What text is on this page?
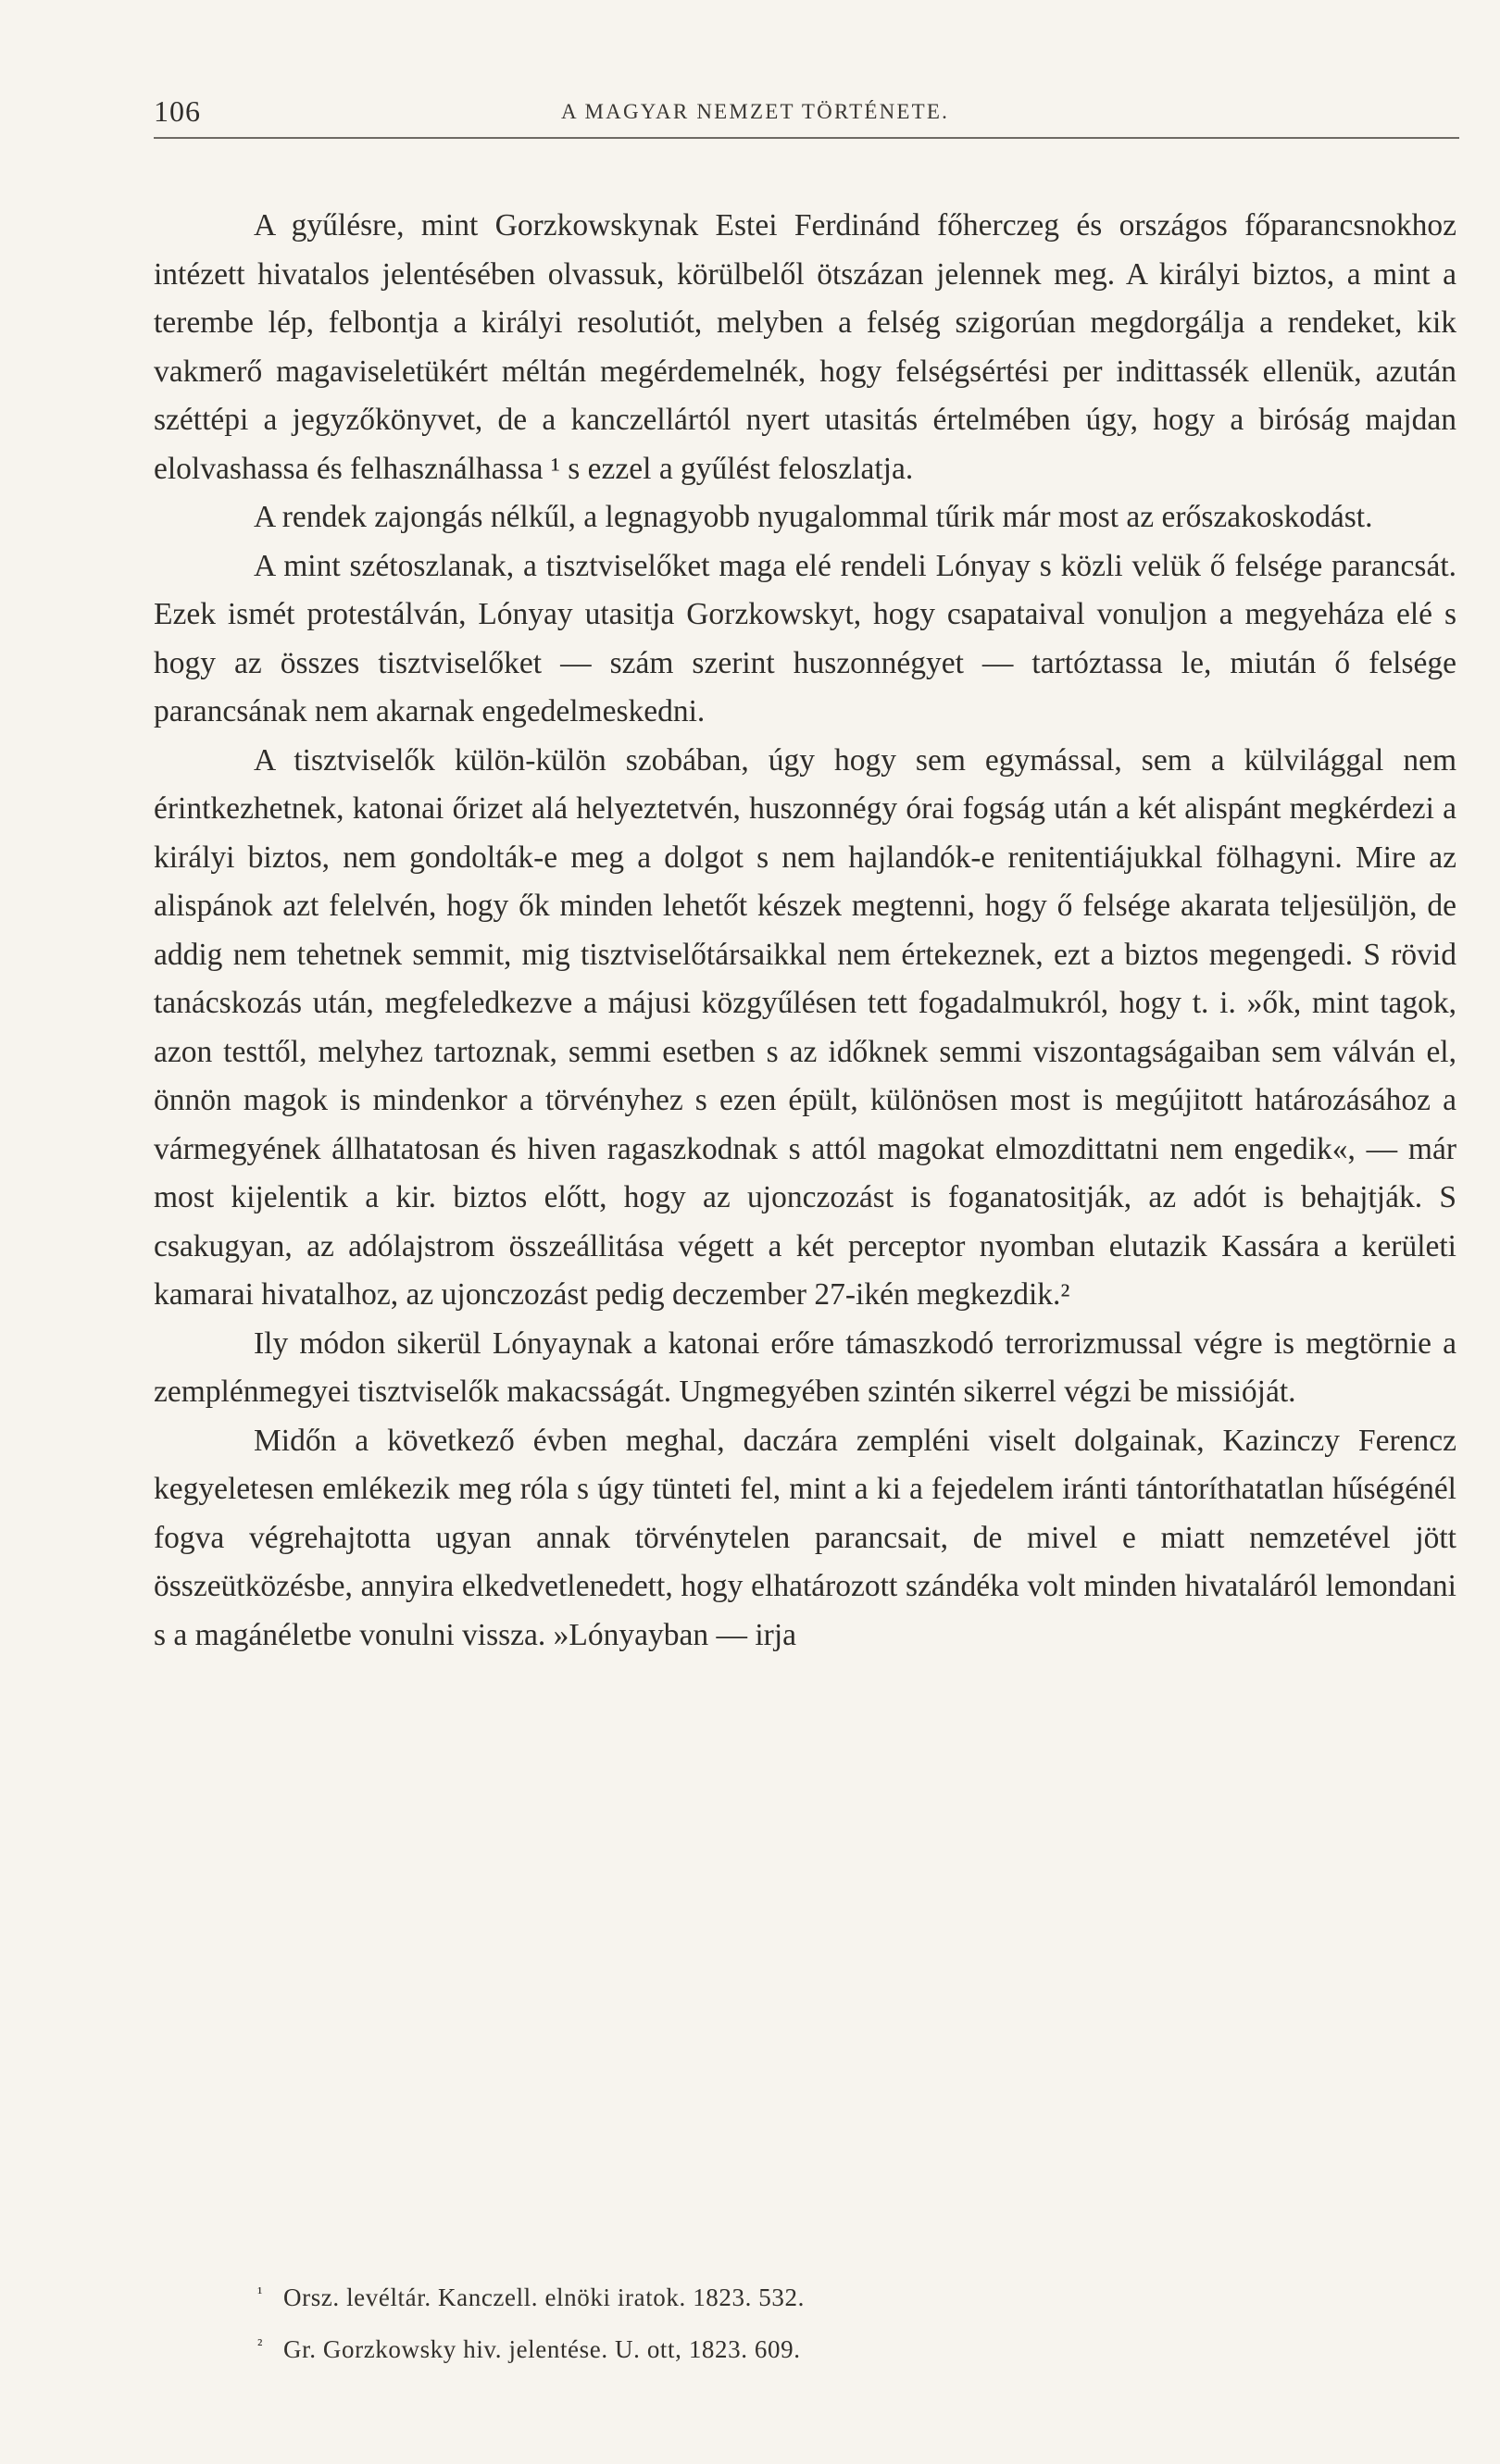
106	A MAGYAR NEMZET TÖRTÉNETE.

A gyűlésre, mint Gorzkowskynak Estei Ferdinánd főherczeg és országos főparancsnokhoz intézett hivatalos jelentésében olvassuk, körülbelől ötszázan jelennek meg. A királyi biztos, a mint a terembe lép, felbontja a királyi resolutiót, melyben a felség szigorúan megdorgálja a rendeket, kik vakmerő magaviseletükért méltán megérdemelnék, hogy felségsértési per indittassék ellenük, azután széttépi a jegyzőkönyvet, de a kanczellártól nyert utasitás értelmében úgy, hogy a biróság majdan elolvashassa és felhasználhassa ¹ s ezzel a gyűlést feloszlatja.

A rendek zajongás nélkűl, a legnagyobb nyugalommal tűrik már most az erőszakoskodást.

A mint szétoszlanak, a tisztviselőket maga elé rendeli Lónyay s közli velük ő felsége parancsát. Ezek ismét protestálván, Lónyay utasitja Gorzkowskyt, hogy csapataival vonuljon a megyeháza elé s hogy az összes tisztviselőket — szám szerint huszonnégyet — tartóztassa le, miután ő felsége parancsának nem akarnak engedelmeskedni.

A tisztviselők külön-külön szobában, úgy hogy sem egymással, sem a külvilággal nem érintkezhetnek, katonai őrizet alá helyeztetvén, huszonnégy órai fogság után a két alispánt megkérdezi a királyi biztos, nem gondolták-e meg a dolgot s nem hajlandók-e renitentiájukkal fölhagyni. Mire az alispánok azt felelvén, hogy ők minden lehetőt készek megtenni, hogy ő felsége akarata teljesüljön, de addig nem tehetnek semmit, mig tisztviselőtársaikkal nem értekeznek, ezt a biztos megengedi. S rövid tanácskozás után, megfeledkezve a májusi közgyűlésen tett fogadalmukról, hogy t. i. »ők, mint tagok, azon testtől, melyhez tartoznak, semmi esetben s az időknek semmi viszontagságaiban sem válván el, önnön magok is mindenkor a törvényhez s ezen épült, különösen most is megújitott határozásához a vármegyének állhatatosan és hiven ragaszkodnak s attól magokat elmozdittatni nem engedik«, — már most kijelentik a kir. biztos előtt, hogy az ujonczozást is foganatositják, az adót is behajtják. S csakugyan, az adólajstrom összeállitása végett a két perceptor nyomban elutazik Kassára a kerületi kamarai hivatalhoz, az ujonczozást pedig deczember 27-ikén megkezdik.²

Ily módon sikerül Lónyaynak a katonai erőre támaszkodó terrorizmussal végre is megtörnie a zemplénmegyei tisztviselők makacsságát. Ungmegyében szintén sikerrel végzi be missióját.

Midőn a következő évben meghal, daczára zempléni viselt dolgainak, Kazinczy Ferencz kegyeletesen emlékezik meg róla s úgy tünteti fel, mint a ki a fejedelem iránti tántoríthatatlan hűségénél fogva végrehajtotta ugyan annak törvénytelen parancsait, de mivel e miatt nemzetével jött összeütközésbe, annyira elkedvetlenedett, hogy elhatározott szándéka volt minden hivataláról lemondani s a magánéletbe vonulni vissza. »Lónyayban — irja

¹ Orsz. levéltár. Kanczell. elnöki iratok. 1823. 532.
² Gr. Gorzkowsky hiv. jelentése. U. ott, 1823. 609.
